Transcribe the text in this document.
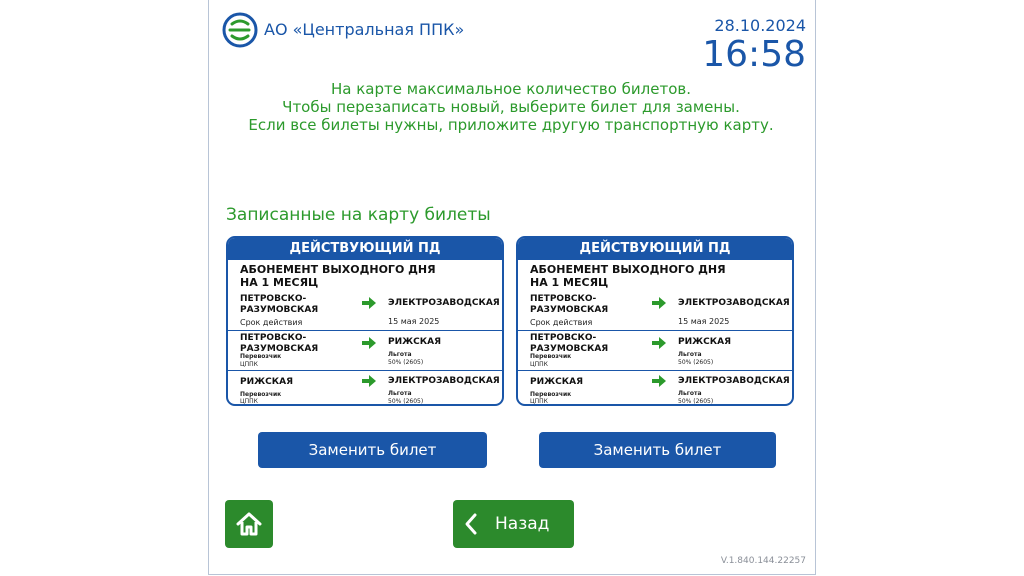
АО «Центральная ППК»	28.10.2024
16:58
На карте максимальное количество билетов.
Чтобы перезаписать новый, выберите билет для замены.
Если все билеты нужны, приложите другую транспортную карту.
Записанные на карту билеты
ДЕЙСТВУЮЩИЙ ПД
АБОНЕМЕНТ ВЫХОДНОГО ДНЯ
НА 1 МЕСЯЦ
ПЕТРОВСКО-
РАЗУМОВСКАЯ
ЭЛЕКТРОЗАВОДСКАЯ
Срок действия	15 мая 2025
ПЕТРОВСКО-
РАЗУМОВСКАЯ
РИЖСКАЯ
Перевозчик
ЦППК
Льгота
50% (2605)
РИЖСКАЯ	ЭЛЕКТРОЗАВОДСКАЯ
Перевозчик
ЦППК
Льгота
50% (2605)
ДЕЙСТВУЮЩИЙ ПД
АБОНЕМЕНТ ВЫХОДНОГО ДНЯ
НА 1 МЕСЯЦ
ПЕТРОВСКО-
РАЗУМОВСКАЯ
ЭЛЕКТРОЗАВОДСКАЯ
Срок действия	15 мая 2025
ПЕТРОВСКО-
РАЗУМОВСКАЯ
РИЖСКАЯ
Перевозчик
ЦППК
Льгота
50% (2605)
РИЖСКАЯ	ЭЛЕКТРОЗАВОДСКАЯ
Перевозчик
ЦППК
Льгота
50% (2605)
Заменить билет	Заменить билет
Назад
V.1.840.144.22257
